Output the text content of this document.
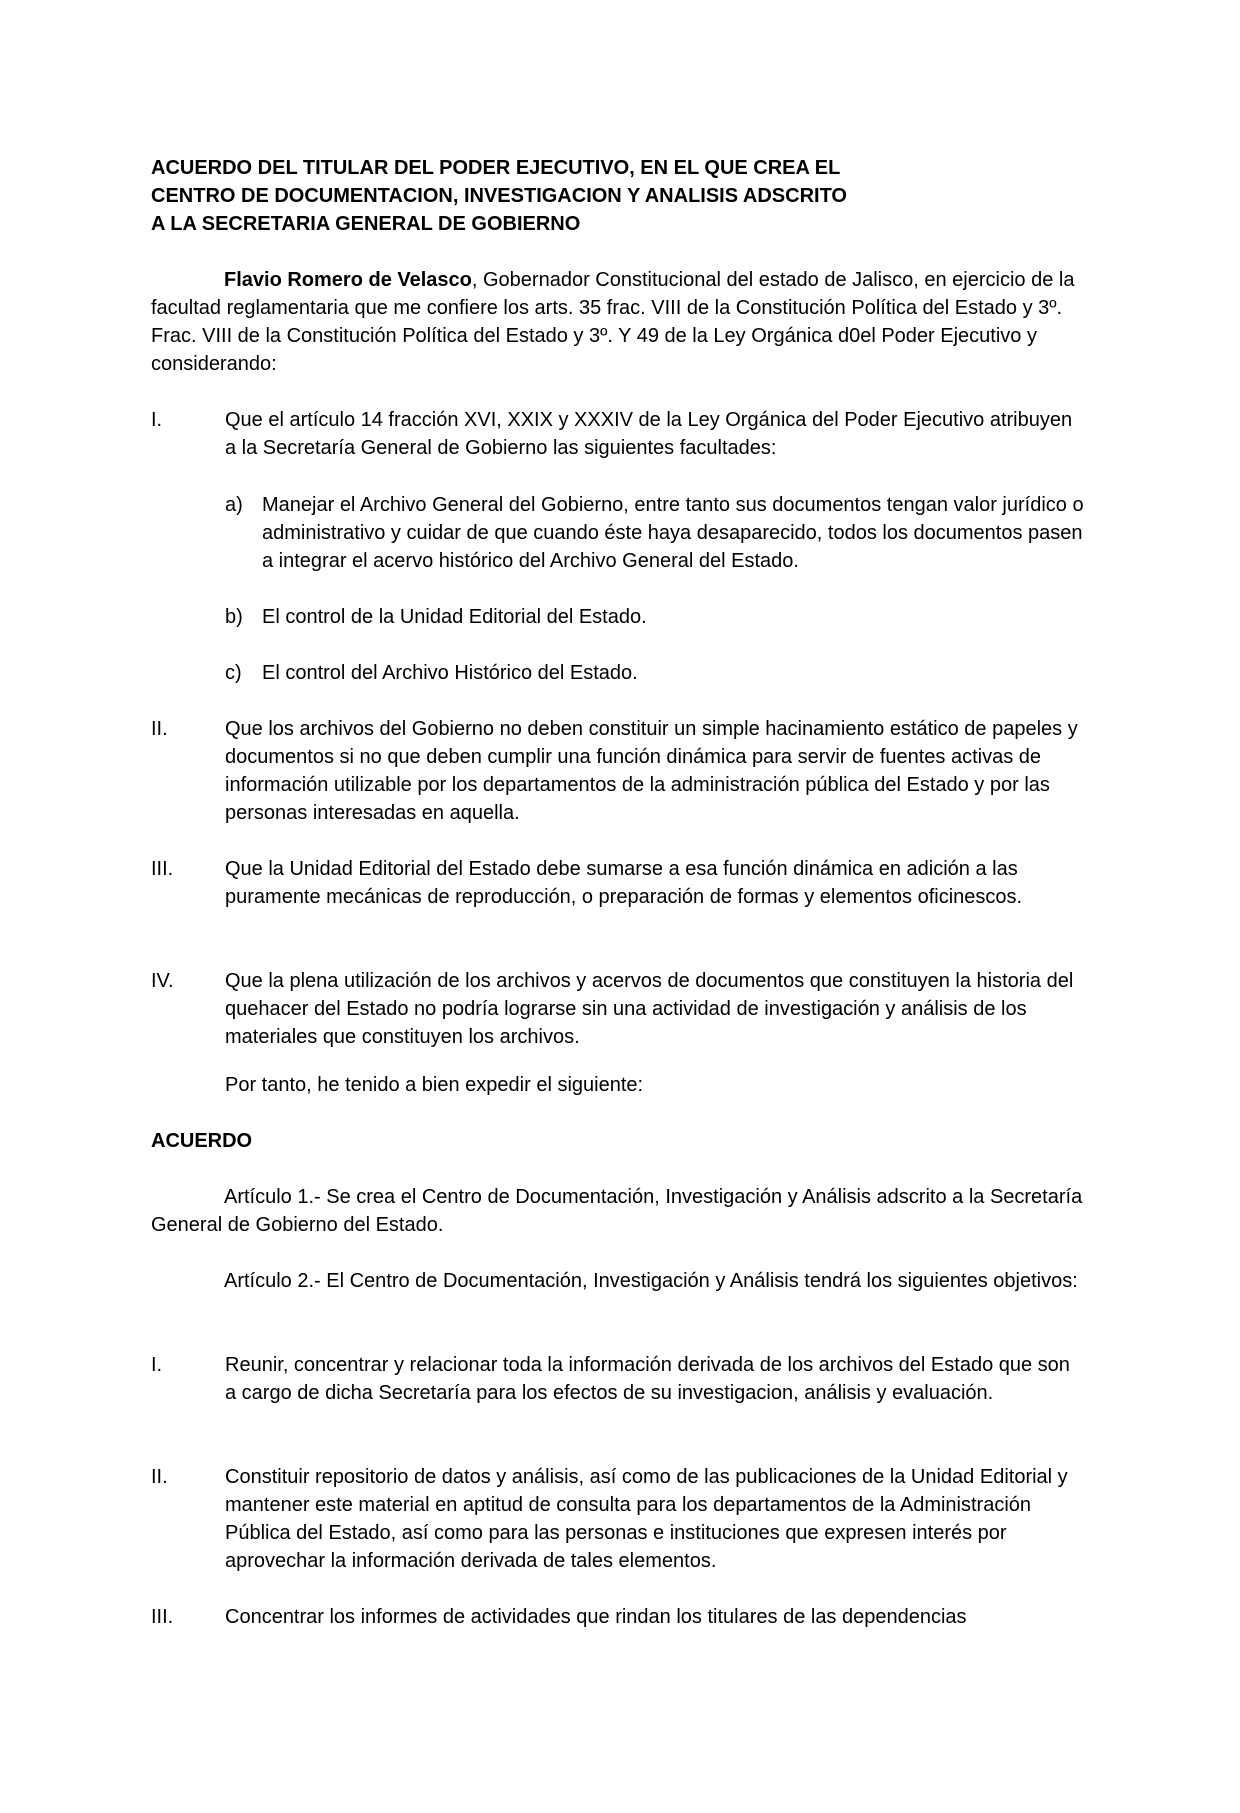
ACUERDO DEL TITULAR DEL PODER EJECUTIVO, EN EL QUE CREA EL
CENTRO DE DOCUMENTACION, INVESTIGACION Y ANALISIS ADSCRITO
A LA SECRETARIA GENERAL DE GOBIERNO

Flavio Romero de Velasco, Gobernador Constitucional del estado de Jalisco, en ejercicio de la facultad reglamentaria que me confiere los arts. 35 frac. VIII de la Constitución Política del Estado y 3º. Frac. VIII de la Constitución Política del Estado y 3º. Y 49 de la Ley Orgánica d0el Poder Ejecutivo y considerando:

I.	Que el artículo 14 fracción XVI, XXIX y XXXIV de la Ley Orgánica del Poder Ejecutivo atribuyen a la Secretaría General de Gobierno las siguientes facultades:
a) Manejar el Archivo General del Gobierno, entre tanto sus documentos tengan valor jurídico o administrativo y cuidar de que cuando éste haya desaparecido, todos los documentos pasen a integrar el acervo histórico del Archivo General del Estado.
b) El control de la Unidad Editorial del Estado.
c) El control del Archivo Histórico del Estado.
II.	Que los archivos del Gobierno no deben constituir un simple hacinamiento estático de papeles y documentos si no que deben cumplir una función dinámica para servir de fuentes activas de información utilizable por los departamentos de la administración pública del Estado y por las personas interesadas en aquella.
III.	Que la Unidad Editorial del Estado debe sumarse a esa función dinámica en adición a las puramente mecánicas de reproducción, o preparación de formas y elementos oficinescos.
IV.	Que la plena utilización de los archivos y acervos de documentos que constituyen la historia del quehacer del Estado no podría lograrse sin una actividad de investigación y análisis de los materiales que constituyen los archivos.

Por tanto, he tenido a bien expedir el siguiente:

ACUERDO

Artículo 1.- Se crea el Centro de Documentación, Investigación y Análisis adscrito a la Secretaría General de Gobierno del Estado.

Artículo 2.- El Centro de Documentación, Investigación y Análisis tendrá los siguientes objetivos:

I.	Reunir, concentrar y relacionar toda la información derivada de los archivos del Estado que son a cargo de dicha Secretaría para los efectos de su investigacion, análisis y evaluación.
II.	Constituir repositorio de datos y análisis, así como de las publicaciones de la Unidad Editorial y mantener este material en aptitud de consulta para los departamentos de la Administración Pública del Estado, así como para las personas e instituciones que expresen interés por aprovechar la información derivada de tales elementos.
III.	Concentrar los informes de actividades que rindan los titulares de las dependencias
